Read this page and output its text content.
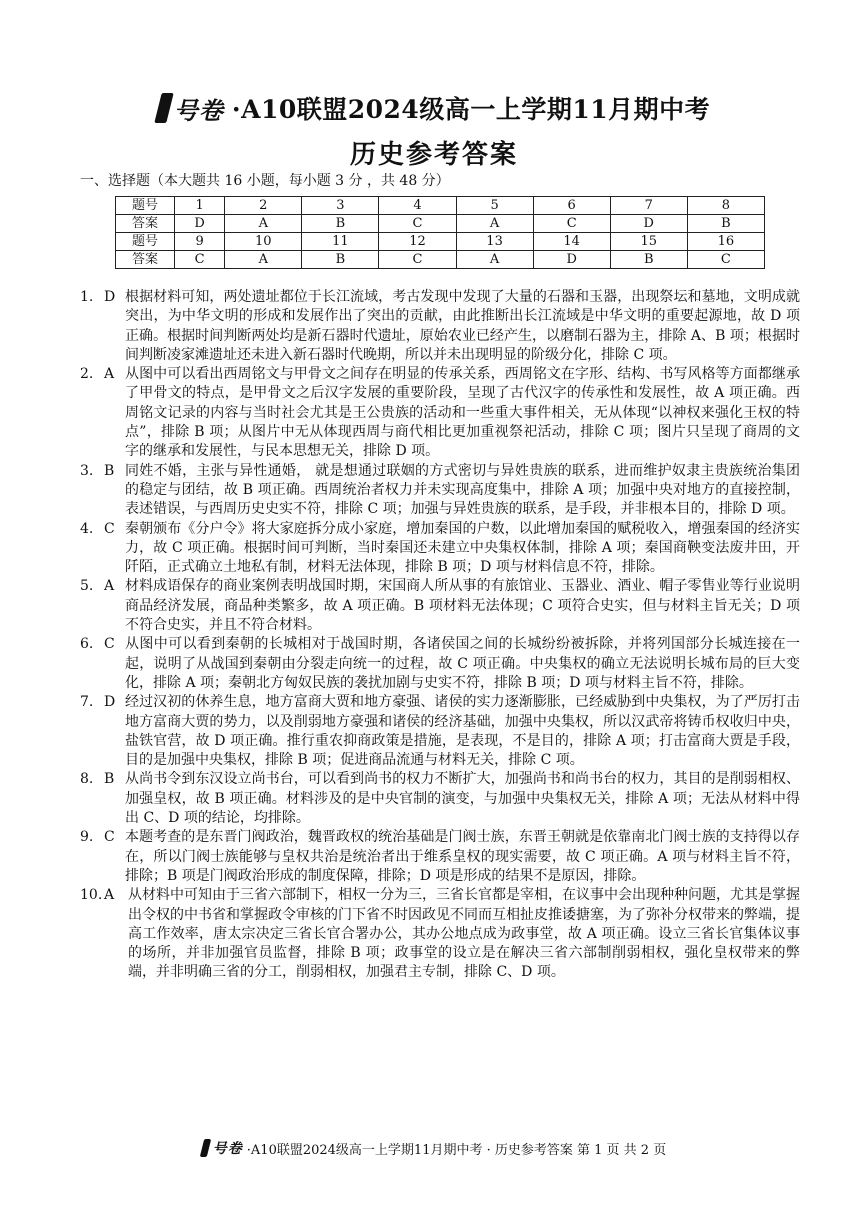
号卷 ·A10联盟2024级高一上学期11月期中考
历史参考答案
一、选择题（本大题共 16 小题，每小题 3 分 ，共 48 分）
题号	1	2	3	4	5	6	7	8
答案	D	A	B	C	A	C	D	B
题号	9	10	11	12	13	14	15	16
答案	C	A	B	C	A	D	B	C
1. D 根据材料可知，两处遗址都位于长江流域，考古发现中发现了大量的石器和玉器，出现祭坛和墓地，文明成就突出，为中华文明的形成和发展作出了突出的贡献，由此推断出长江流域是中华文明的重要起源地，故 D 项正确。根据时间判断两处均是新石器时代遗址，原始农业已经产生，以磨制石器为主，排除 A、B 项；根据时间判断凌家滩遗址还未进入新石器时代晚期，所以并未出现明显的阶级分化，排除 C 项。
2. A 从图中可以看出西周铭文与甲骨文之间存在明显的传承关系，西周铭文在字形、结构、书写风格等方面都继承了甲骨文的特点，是甲骨文之后汉字发展的重要阶段，呈现了古代汉字的传承性和发展性，故 A 项正确。西周铭文记录的内容与当时社会尤其是王公贵族的活动和一些重大事件相关，无从体现“以神权来强化王权的特点”，排除 B 项；从图片中无从体现西周与商代相比更加重视祭祀活动，排除 C 项；图片只呈现了商周的文字的继承和发展性，与民本思想无关，排除 D 项。
3. B 同姓不婚，主张与异性通婚， 就是想通过联姻的方式密切与异姓贵族的联系，进而维护奴隶主贵族统治集团的稳定与团结，故 B 项正确。西周统治者权力并未实现高度集中，排除 A 项；加强中央对地方的直接控制，表述错误，与西周历史史实不符，排除 C 项；加强与异姓贵族的联系，是手段，并非根本目的，排除 D 项。
4. C 秦朝颁布《分户令》将大家庭拆分成小家庭，增加秦国的户数，以此增加秦国的赋税收入，增强秦国的经济实力，故 C 项正确。根据时间可判断，当时秦国还未建立中央集权体制，排除 A 项；秦国商鞅变法废井田，开阡陌，正式确立土地私有制，材料无法体现，排除 B 项；D 项与材料信息不符，排除。
5. A 材料成语保存的商业案例表明战国时期，宋国商人所从事的有旅馆业、玉器业、酒业、帽子零售业等行业说明商品经济发展，商品种类繁多，故 A 项正确。B 项材料无法体现；C 项符合史实，但与材料主旨无关；D 项不符合史实，并且不符合材料。
6. C 从图中可以看到秦朝的长城相对于战国时期，各诸侯国之间的长城纷纷被拆除，并将列国部分长城连接在一起，说明了从战国到秦朝由分裂走向统一的过程，故 C 项正确。中央集权的确立无法说明长城布局的巨大变化，排除 A 项；秦朝北方匈奴民族的袭扰加剧与史实不符，排除 B 项；D 项与材料主旨不符，排除。
7. D 经过汉初的休养生息，地方富商大贾和地方豪强、诸侯的实力逐渐膨胀，已经威胁到中央集权，为了严厉打击地方富商大贾的势力，以及削弱地方豪强和诸侯的经济基础，加强中央集权，所以汉武帝将铸币权收归中央，盐铁官营，故 D 项正确。推行重农抑商政策是措施，是表现，不是目的，排除 A 项；打击富商大贾是手段，目的是加强中央集权，排除 B 项；促进商品流通与材料无关，排除 C 项。
8. B 从尚书令到东汉设立尚书台，可以看到尚书的权力不断扩大，加强尚书和尚书台的权力，其目的是削弱相权、加强皇权，故 B 项正确。材料涉及的是中央官制的演变，与加强中央集权无关，排除 A 项；无法从材料中得出 C、D 项的结论，均排除。
9. C 本题考查的是东晋门阀政治，魏晋政权的统治基础是门阀士族，东晋王朝就是依靠南北门阀士族的支持得以存在，所以门阀士族能够与皇权共治是统治者出于维系皇权的现实需要，故 C 项正确。A 项与材料主旨不符，排除；B 项是门阀政治形成的制度保障，排除；D 项是形成的结果不是原因，排除。
10. A 从材料中可知由于三省六部制下，相权一分为三，三省长官都是宰相，在议事中会出现种种问题，尤其是掌握出令权的中书省和掌握政令审核的门下省不时因政见不同而互相扯皮推诿搪塞，为了弥补分权带来的弊端，提高工作效率，唐太宗决定三省长官合署办公，其办公地点成为政事堂，故 A 项正确。设立三省长官集体议事的场所，并非加强官员监督，排除 B 项；政事堂的设立是在解决三省六部制削弱相权，强化皇权带来的弊端，并非明确三省的分工，削弱相权，加强君主专制，排除 C、D 项。
号卷 ·A10联盟2024级高一上学期11月期中考 · 历史参考答案 第 1 页 共 2 页
